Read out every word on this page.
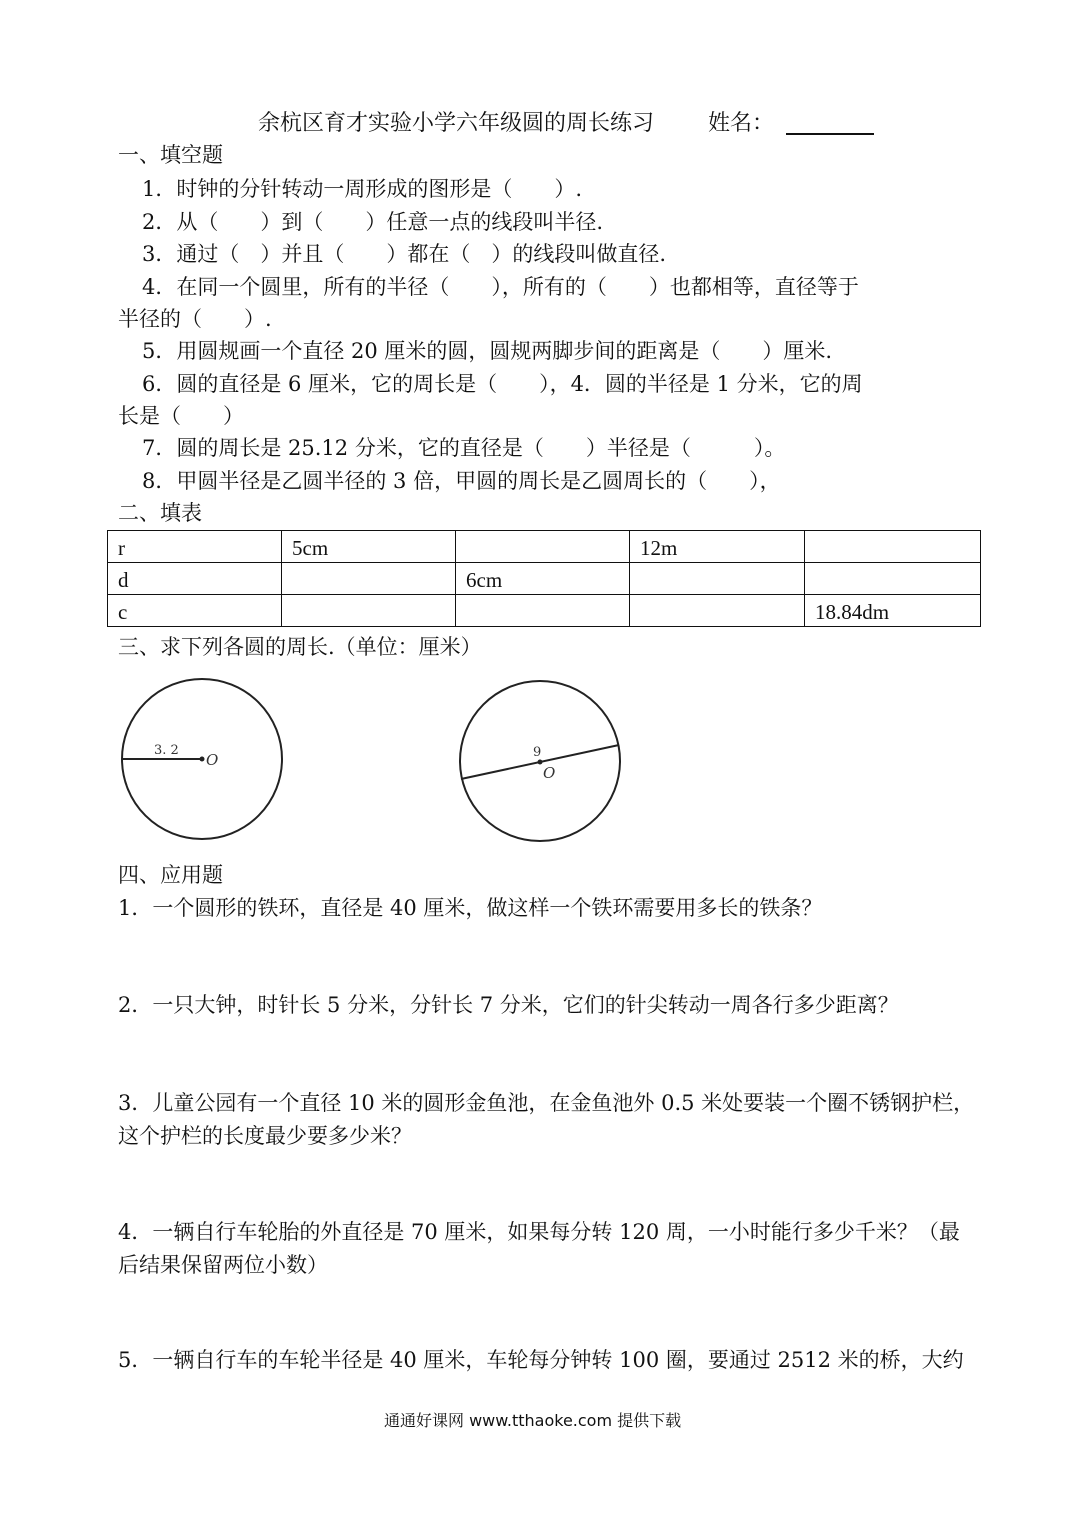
余杭区育才实验小学六年级圆的周长练习 姓名：
一、填空题
1．时钟的分针转动一周形成的图形是（　　）.
2．从（　　）到（　　）任意一点的线段叫半径.
3．通过（　）并且（　　）都在（　）的线段叫做直径.
4．在同一个圆里，所有的半径（　　），所有的（　　）也都相等，直径等于
半径的（　　）.
5．用圆规画一个直径 20 厘米的圆，圆规两脚步间的距离是（　　）厘米.
6．圆的直径是 6 厘米，它的周长是（　　），4．圆的半径是 1 分米，它的周
长是（　　）
7．圆的周长是 25.12 分米，它的直径是（　　）半径是（　　　）。
8．甲圆半径是乙圆半径的 3 倍，甲圆的周长是乙圆周长的（　　），
二、填表
r	5cm		12m	
d		6cm		
c				18.84dm
三、求下列各圆的周长.（单位：厘米）
3. 2
O	9
O
四、应用题
1．一个圆形的铁环，直径是 40 厘米，做这样一个铁环需要用多长的铁条？
2．一只大钟，时针长 5 分米，分针长 7 分米，它们的针尖转动一周各行多少距离？
3．儿童公园有一个直径 10 米的圆形金鱼池，在金鱼池外 0.5 米处要装一个圈不锈钢护栏，
这个护栏的长度最少要多少米？
4．一辆自行车轮胎的外直径是 70 厘米，如果每分转 120 周，一小时能行多少千米？（最
后结果保留两位小数）
5．一辆自行车的车轮半径是 40 厘米，车轮每分钟转 100 圈，要通过 2512 米的桥，大约
通通好课网 www.tthaoke.com 提供下载
